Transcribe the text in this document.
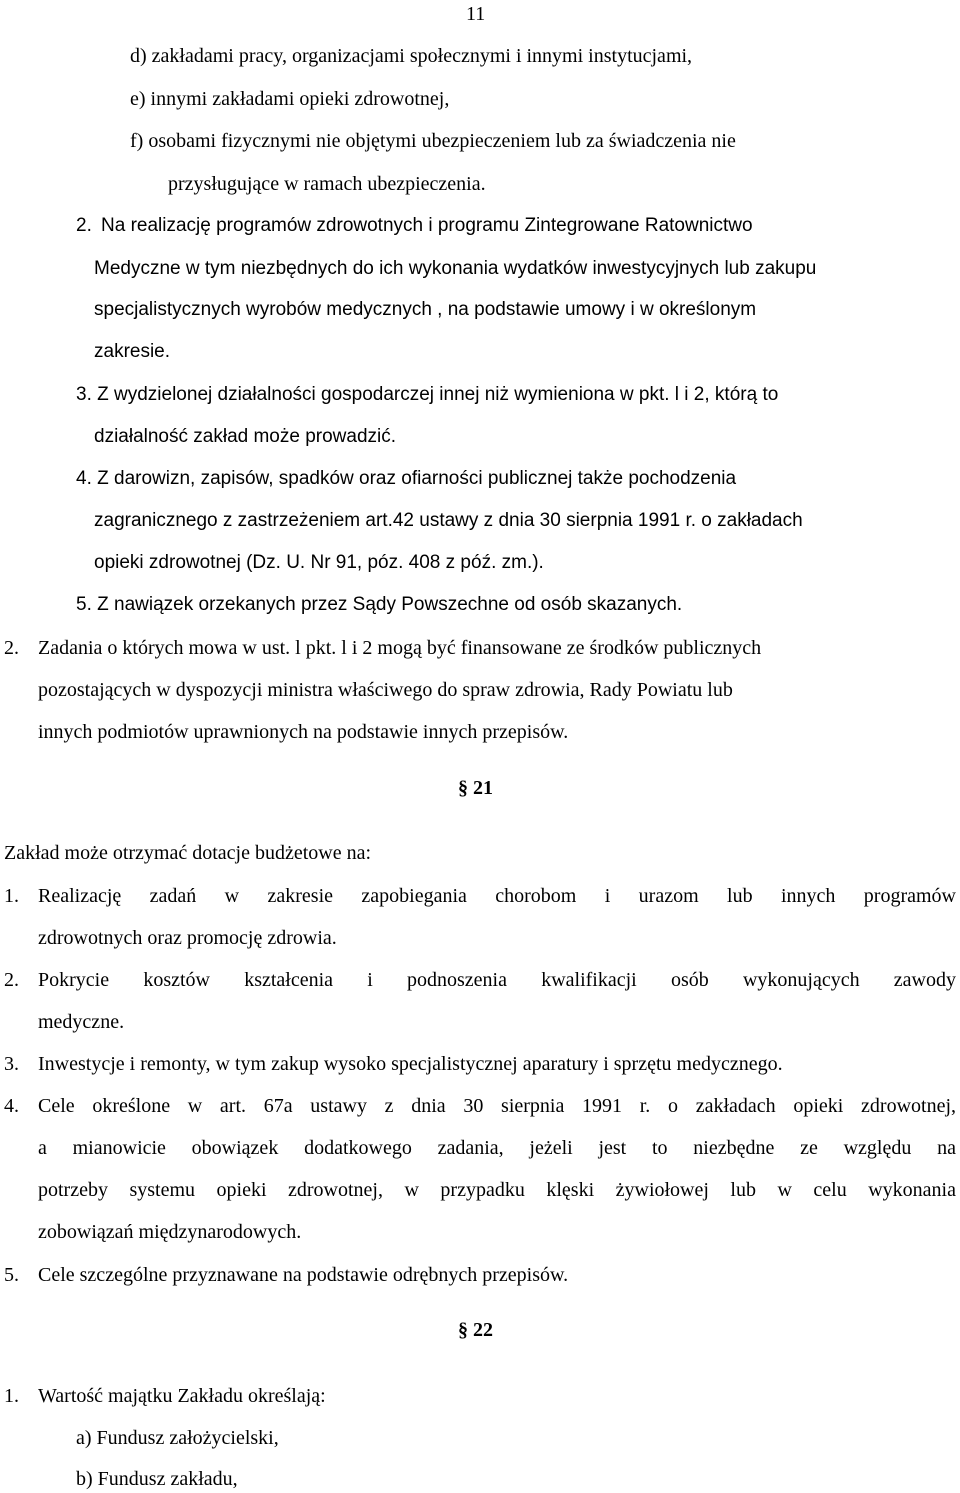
11
d) zakładami pracy, organizacjami społecznymi i innymi instytucjami,
e) innymi zakładami opieki zdrowotnej,
f) osobami fizycznymi nie objętymi ubezpieczeniem lub za świadczenia nie
przysługujące w ramach ubezpieczenia.
2. Na realizację programów zdrowotnych i programu Zintegrowane Ratownictwo
Medyczne w tym niezbędnych do ich wykonania wydatków inwestycyjnych lub zakupu
specjalistycznych wyrobów medycznych , na podstawie umowy i w określonym
zakresie.
3. Z wydzielonej działalności gospodarczej innej niż wymieniona w pkt. l i 2, którą to
działalność zakład może prowadzić.
4. Z darowizn, zapisów, spadków oraz ofiarności publicznej także pochodzenia
zagranicznego z zastrzeżeniem art.42 ustawy z dnia 30 sierpnia 1991 r. o zakładach
opieki zdrowotnej (Dz. U. Nr 91, póz. 408 z póź. zm.).
5. Z nawiązek orzekanych przez Sądy Powszechne od osób skazanych.
2. Zadania o których mowa w ust. l pkt. l i 2 mogą być finansowane ze środków publicznych
pozostających w dyspozycji ministra właściwego do spraw zdrowia, Rady Powiatu lub
innych podmiotów uprawnionych na podstawie innych przepisów.
§ 21
Zakład może otrzymać dotacje budżetowe na:
1. Realizację zadań w zakresie zapobiegania chorobom i urazom lub innych programów
zdrowotnych oraz promocję zdrowia.
2. Pokrycie kosztów kształcenia i podnoszenia kwalifikacji osób wykonujących zawody
medyczne.
3. Inwestycje i remonty, w tym zakup wysoko specjalistycznej aparatury i sprzętu medycznego.
4. Cele określone w art. 67a ustawy z dnia 30 sierpnia 1991 r. o zakładach opieki zdrowotnej,
a mianowicie obowiązek dodatkowego zadania, jeżeli jest to niezbędne ze względu na
potrzeby systemu opieki zdrowotnej, w przypadku klęski żywiołowej lub w celu wykonania
zobowiązań międzynarodowych.
5. Cele szczególne przyznawane na podstawie odrębnych przepisów.
§ 22
1. Wartość majątku Zakładu określają:
a) Fundusz założycielski,
b) Fundusz zakładu,
